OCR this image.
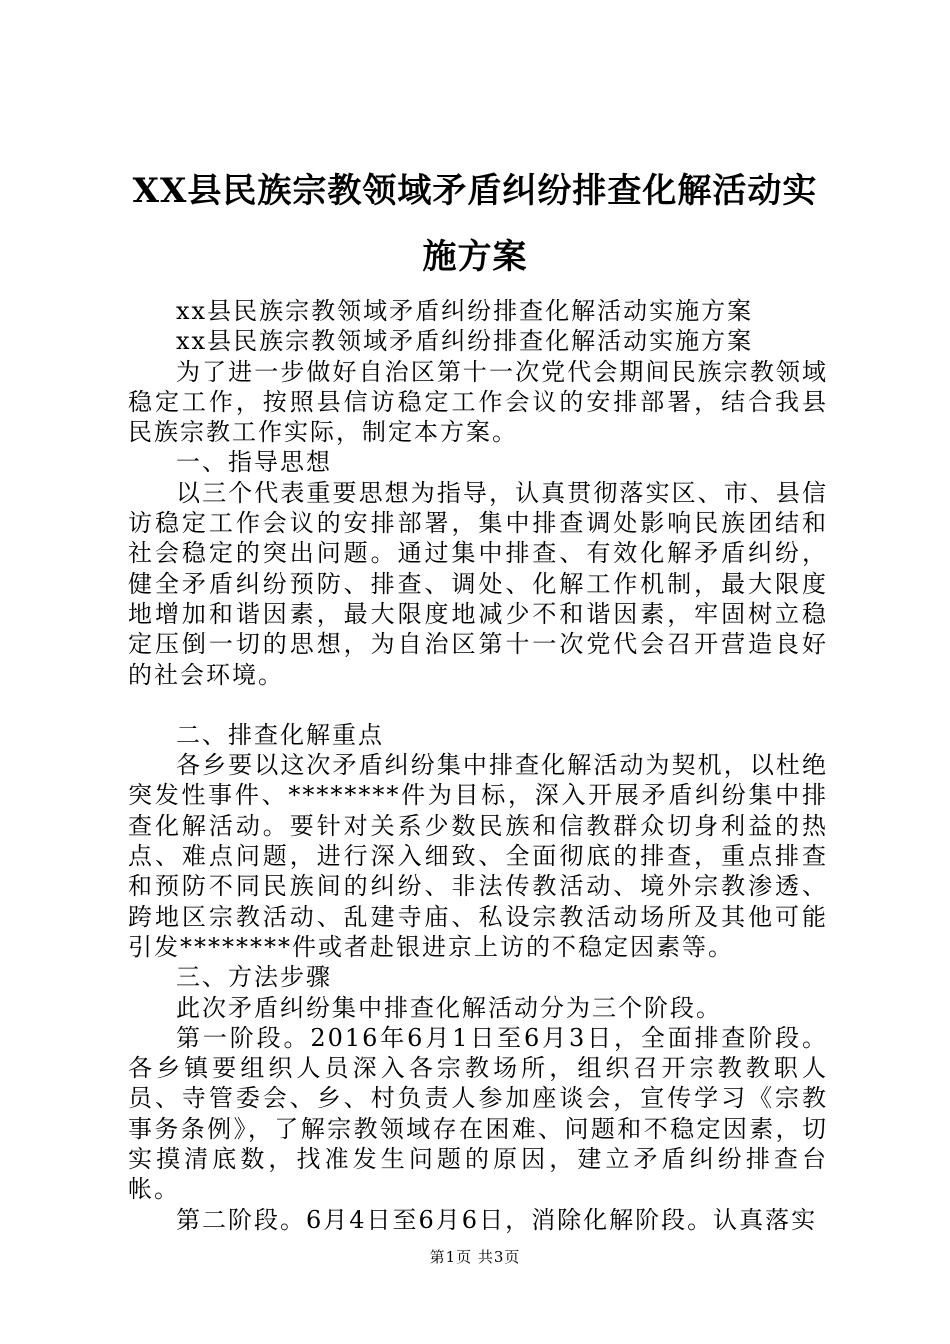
XX县民族宗教领域矛盾纠纷排查化解活动实
施方案

xx县民族宗教领域矛盾纠纷排查化解活动实施方案

xx县民族宗教领域矛盾纠纷排查化解活动实施方案

为了进一步做好自治区第十一次党代会期间民族宗教领域稳定工作，按照县信访稳定工作会议的安排部署，结合我县民族宗教工作实际，制定本方案。

一、指导思想

以三个代表重要思想为指导，认真贯彻落实区、市、县信访稳定工作会议的安排部署，集中排查调处影响民族团结和社会稳定的突出问题。通过集中排查、有效化解矛盾纠纷，健全矛盾纠纷预防、排查、调处、化解工作机制，最大限度地增加和谐因素，最大限度地减少不和谐因素，牢固树立稳定压倒一切的思想，为自治区第十一次党代会召开营造良好的社会环境。

二、排查化解重点

各乡要以这次矛盾纠纷集中排查化解活动为契机，以杜绝突发性事件、********件为目标，深入开展矛盾纠纷集中排查化解活动。要针对关系少数民族和信教群众切身利益的热点、难点问题，进行深入细致、全面彻底的排查，重点排查和预防不同民族间的纠纷、非法传教活动、境外宗教渗透、跨地区宗教活动、乱建寺庙、私设宗教活动场所及其他可能引发********件或者赴银进京上访的不稳定因素等。

三、方法步骤

此次矛盾纠纷集中排查化解活动分为三个阶段。

第一阶段。2016年6月1日至6月3日，全面排查阶段。各乡镇要组织人员深入各宗教场所，组织召开宗教教职人员、寺管委会、乡、村负责人参加座谈会，宣传学习《宗教事务条例》，了解宗教领域存在困难、问题和不稳定因素，切实摸清底数，找准发生问题的原因，建立矛盾纠纷排查台帐。

第二阶段。6月4日至6月6日，消除化解阶段。认真落实

第1页 共3页
